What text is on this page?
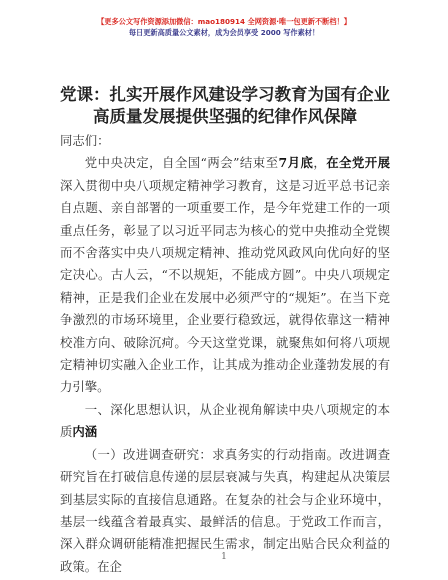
【更多公文写作资源添加微信：mao180914 全网资源·唯一包更新不断档！】
每日更新高质量公文素材，成为会员享受 2000 写作素材！
党课：扎实开展作风建设学习教育为国有企业
高质量发展提供坚强的纪律作风保障

同志们：

党中央决定，自全国“两会”结束至7月底，在全党开展深入贯彻中央八项规定精神学习教育，这是习近平总书记亲自点题、亲自部署的一项重要工作，是今年党建工作的一项重点任务，彰显了以习近平同志为核心的党中央推动全党锲而不舍落实中央八项规定精神、推动党风政风向优向好的坚定决心。古人云，“不以规矩，不能成方圆”。中央八项规定精神，正是我们企业在发展中必须严守的“规矩”。在当下竞争激烈的市场环境里，企业要行稳致远，就得依靠这一精神校准方向、破除沉疴。今天这堂党课，就聚焦如何将八项规定精神切实融入企业工作，让其成为推动企业蓬勃发展的有力引擎。

一、深化思想认识，从企业视角解读中央八项规定的本质内涵

（一）改进调查研究：求真务实的行动指南。改进调查研究旨在打破信息传递的层层衰减与失真，构建起从决策层到基层实际的直接信息通路。在复杂的社会与企业环境中，基层一线蕴含着最真实、最鲜活的信息。于党政工作而言，深入群众调研能精准把握民生需求，制定出贴合民众利益的政策。在企

1
